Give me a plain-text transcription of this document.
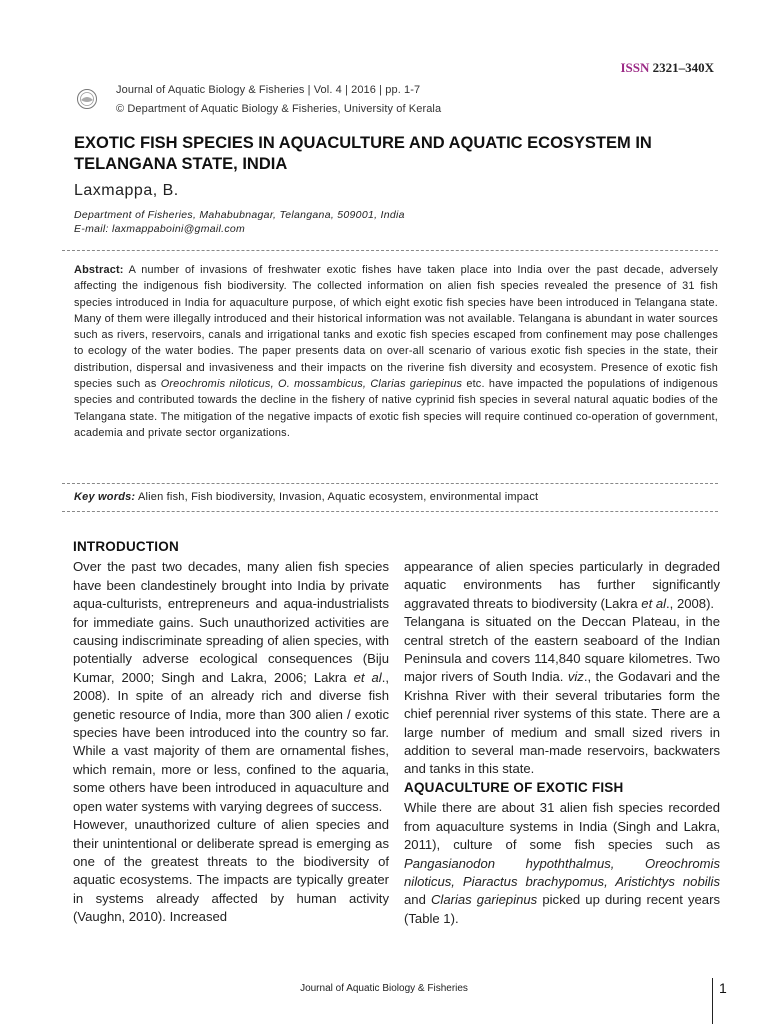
ISSN 2321–340X
Journal of Aquatic Biology & Fisheries | Vol. 4 | 2016 | pp. 1-7
© Department of Aquatic Biology & Fisheries, University of Kerala
EXOTIC FISH SPECIES IN AQUACULTURE AND AQUATIC ECOSYSTEM IN TELANGANA STATE, INDIA
Laxmappa, B.
Department of Fisheries, Mahabubnagar, Telangana, 509001, India
E-mail: laxmappaboini@gmail.com
Abstract: A number of invasions of freshwater exotic fishes have taken place into India over the past decade, adversely affecting the indigenous fish biodiversity. The collected information on alien fish species revealed the presence of 31 fish species introduced in India for aquaculture purpose, of which eight exotic fish species have been introduced in Telangana state. Many of them were illegally introduced and their historical information was not available. Telangana is abundant in water sources such as rivers, reservoirs, canals and irrigational tanks and exotic fish species escaped from confinement may pose challenges to ecology of the water bodies. The paper presents data on over-all scenario of various exotic fish species in the state, their distribution, dispersal and invasiveness and their impacts on the riverine fish diversity and ecosystem. Presence of exotic fish species such as Oreochromis niloticus, O. mossambicus, Clarias gariepinus etc. have impacted the populations of indigenous species and contributed towards the decline in the fishery of native cyprinid fish species in several natural aquatic bodies of the Telangana state. The mitigation of the negative impacts of exotic fish species will require continued co-operation of government, academia and private sector organizations.
Key words: Alien fish, Fish biodiversity, Invasion, Aquatic ecosystem, environmental impact
INTRODUCTION

Over the past two decades, many alien fish species have been clandestinely brought into India by private aqua-culturists, entrepreneurs and aqua-industrialists for immediate gains. Such unauthorized activities are causing indiscriminate spreading of alien species, with potentially adverse ecological consequences (Biju Kumar, 2000; Singh and Lakra, 2006; Lakra et al., 2008). In spite of an already rich and diverse fish genetic resource of India, more than 300 alien / exotic species have been introduced into the country so far. While a vast majority of them are ornamental fishes, which remain, more or less, confined to the aquaria, some others have been introduced in aquaculture and open water systems with varying degrees of success.

However, unauthorized culture of alien species and their unintentional or deliberate spread is emerging as one of the greatest threats to the biodiversity of aquatic ecosystems. The impacts are typically greater in systems already affected by human activity (Vaughn, 2010). Increased

appearance of alien species particularly in degraded aquatic environments has further significantly aggravated threats to biodiversity (Lakra et al., 2008).

Telangana is situated on the Deccan Plateau, in the central stretch of the eastern seaboard of the Indian Peninsula and covers 114,840 square kilometres. Two major rivers of South India. viz., the Godavari and the Krishna River with their several tributaries form the chief perennial river systems of this state. There are a large number of medium and small sized rivers in addition to several man-made reservoirs, backwaters and tanks in this state.

AQUACULTURE OF EXOTIC FISH

While there are about 31 alien fish species recorded from aquaculture systems in India (Singh and Lakra, 2011), culture of some fish species such as Pangasianodon hypoththalmus, Oreochromis niloticus, Piaractus brachypomus, Aristichtys nobilis and Clarias gariepinus picked up during recent years (Table 1).

Journal of Aquatic Biology & Fisheries	1
